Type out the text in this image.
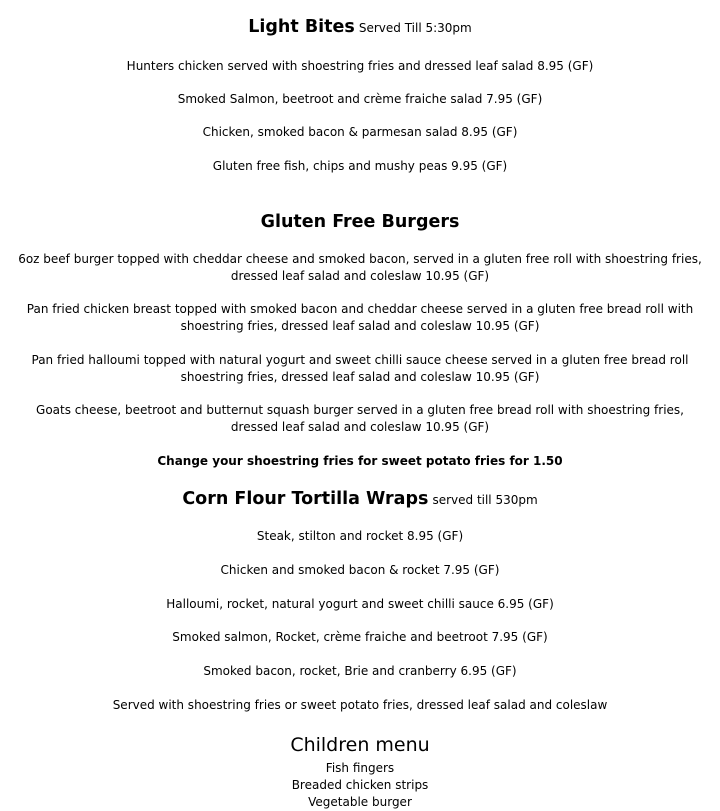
Light Bites Served Till 5:30pm
Hunters chicken served with shoestring fries and dressed leaf salad 8.95 (GF)
Smoked Salmon, beetroot and crème fraiche salad 7.95 (GF)
Chicken, smoked bacon & parmesan salad 8.95 (GF)
Gluten free fish, chips and mushy peas 9.95 (GF)
Gluten Free Burgers
6oz beef burger topped with cheddar cheese and smoked bacon, served in a gluten free roll with shoestring fries, dressed leaf salad and coleslaw 10.95 (GF)
Pan fried chicken breast topped with smoked bacon and cheddar cheese served in a gluten free bread roll with shoestring fries, dressed leaf salad and coleslaw 10.95 (GF)
Pan fried halloumi topped with natural yogurt and sweet chilli sauce cheese served in a gluten free bread roll shoestring fries, dressed leaf salad and coleslaw 10.95 (GF)
Goats cheese, beetroot and butternut squash burger served in a gluten free bread roll with shoestring fries, dressed leaf salad and coleslaw 10.95 (GF)
Change your shoestring fries for sweet potato fries for 1.50
Corn Flour Tortilla Wraps served till 530pm
Steak, stilton and rocket 8.95 (GF)
Chicken and smoked bacon & rocket 7.95 (GF)
Halloumi, rocket, natural yogurt and sweet chilli sauce 6.95 (GF)
Smoked salmon, Rocket, crème fraiche and beetroot 7.95 (GF)
Smoked bacon, rocket, Brie and cranberry 6.95 (GF)
Served with shoestring fries or sweet potato fries, dressed leaf salad and coleslaw
Children menu
Fish fingers
Breaded chicken strips
Vegetable burger
